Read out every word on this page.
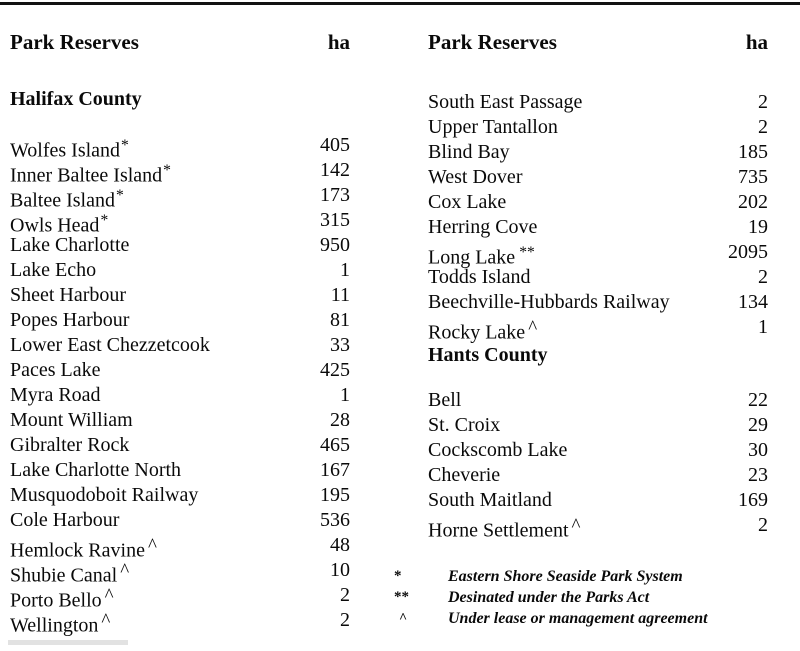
Park Reserves	ha
Halifax County
Wolfes Island*	405
Inner Baltee Island*	142
Baltee Island*	173
Owls Head*	315
Lake Charlotte	950
Lake Echo	1
Sheet Harbour	11
Popes Harbour	81
Lower East Chezzetcook	33
Paces Lake	425
Myra Road	1
Mount William	28
Gibralter Rock	465
Lake Charlotte North	167
Musquodoboit Railway	195
Cole Harbour	536
Hemlock Ravine ^	48
Shubie Canal ^	10
Porto Bello ^	2
Wellington ^	2
Park Reserves	ha
South East Passage	2
Upper Tantallon	2
Blind Bay	185
West Dover	735
Cox Lake	202
Herring Cove	19
Long Lake **	2095
Todds Island	2
Beechville-Hubbards Railway	134
Rocky Lake ^	1
Bell	22
St. Croix	29
Cockscomb Lake	30
Cheverie	23
South Maitland	169
Horne Settlement ^	2
Hants County
*	Eastern Shore Seaside Park System
**	Desinated under the Parks Act
^	Under lease or management agreement
